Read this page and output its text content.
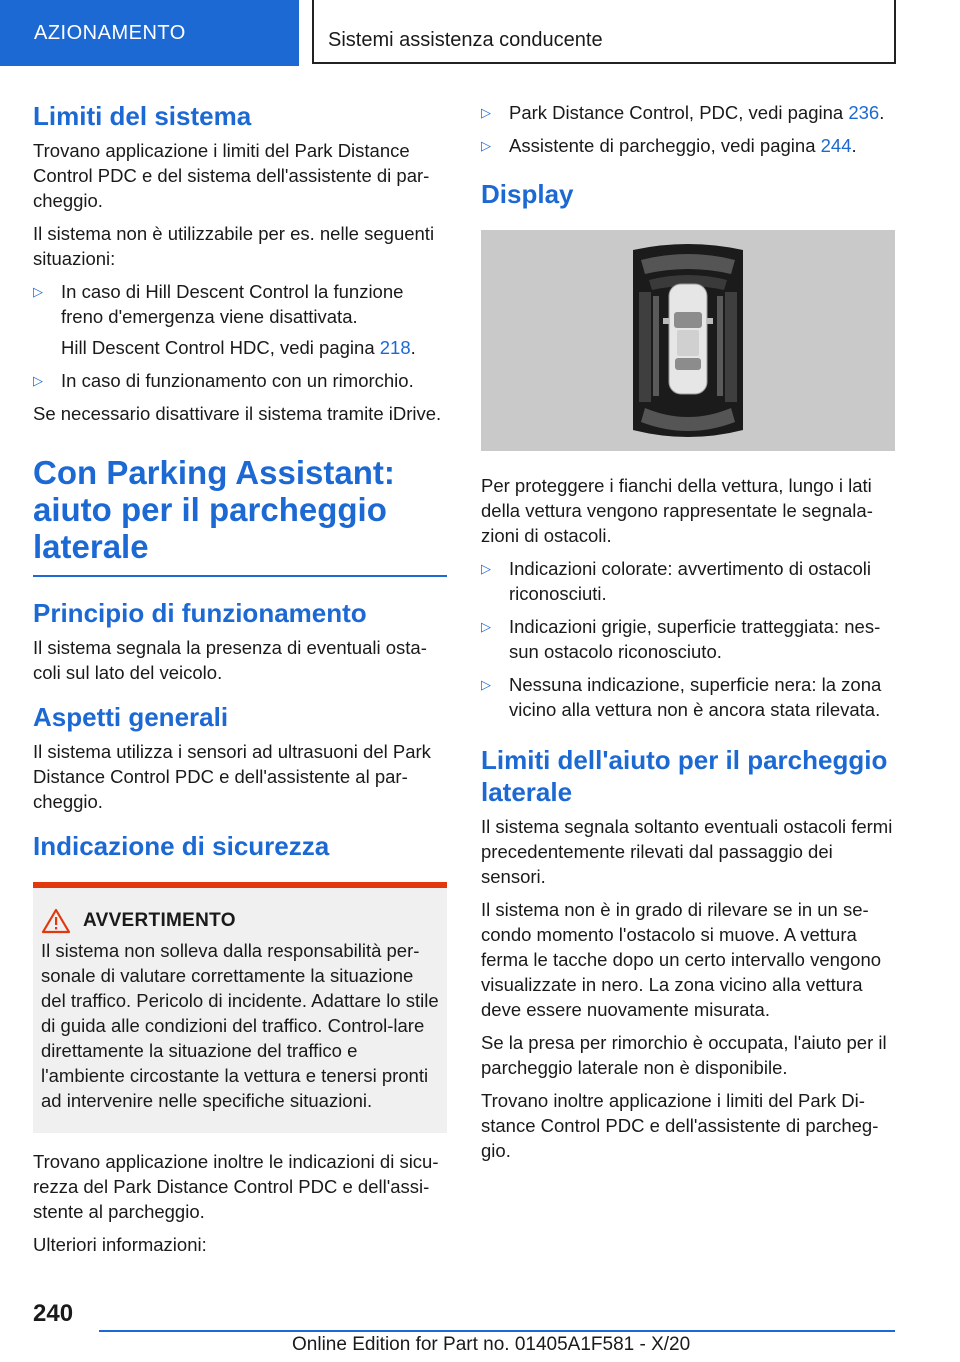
AZIONAMENTO	Sistemi assistenza conducente
Limiti del sistema

Trovano applicazione i limiti del Park Distance Control PDC e del sistema dell'assistente di par-cheggio.

Il sistema non è utilizzabile per es. nelle seguenti situazioni:

▷ In caso di Hill Descent Control la funzione freno d'emergenza viene disattivata.
Hill Descent Control HDC, vedi pagina 218.
▷ In caso di funzionamento con un rimorchio.

Se necessario disattivare il sistema tramite iDrive.

Con Parking Assistant: aiuto per il parcheggio laterale
Principio di funzionamento

Il sistema segnala la presenza di eventuali osta-coli sul lato del veicolo.

Aspetti generali

Il sistema utilizza i sensori ad ultrasuoni del Park Distance Control PDC e dell'assistente al par-cheggio.

Indicazione di sicurezza
AVVERTIMENTO

Il sistema non solleva dalla responsabilità per-sonale di valutare correttamente la situazione del traffico. Pericolo di incidente. Adattare lo stile di guida alle condizioni del traffico. Control-lare direttamente la situazione del traffico e l'ambiente circostante la vettura e tenersi pronti ad intervenire nelle specifiche situazioni.

Trovano applicazione inoltre le indicazioni di sicu-rezza del Park Distance Control PDC e dell'assi-stente al parcheggio.

Ulteriori informazioni:

▷ Park Distance Control, PDC, vedi pagina 236.
▷ Assistente di parcheggio, vedi pagina 244.
Display

Per proteggere i fianchi della vettura, lungo i lati della vettura vengono rappresentate le segnala-zioni di ostacoli.

▷ Indicazioni colorate: avvertimento di ostacoli riconosciuti.
▷ Indicazioni grigie, superficie tratteggiata: nes-sun ostacolo riconosciuto.
▷ Nessuna indicazione, superficie nera: la zona vicino alla vettura non è ancora stata rilevata.
Limiti dell'aiuto per il parcheggio laterale

Il sistema segnala soltanto eventuali ostacoli fermi precedentemente rilevati dal passaggio dei sensori.

Il sistema non è in grado di rilevare se in un se-condo momento l'ostacolo si muove. A vettura ferma le tacche dopo un certo intervallo vengono visualizzate in nero. La zona vicino alla vettura deve essere nuovamente misurata.

Se la presa per rimorchio è occupata, l'aiuto per il parcheggio laterale non è disponibile.

Trovano inoltre applicazione i limiti del Park Di-stance Control PDC e dell'assistente di parcheg-gio.

240
Online Edition for Part no. 01405A1F581 - X/20
